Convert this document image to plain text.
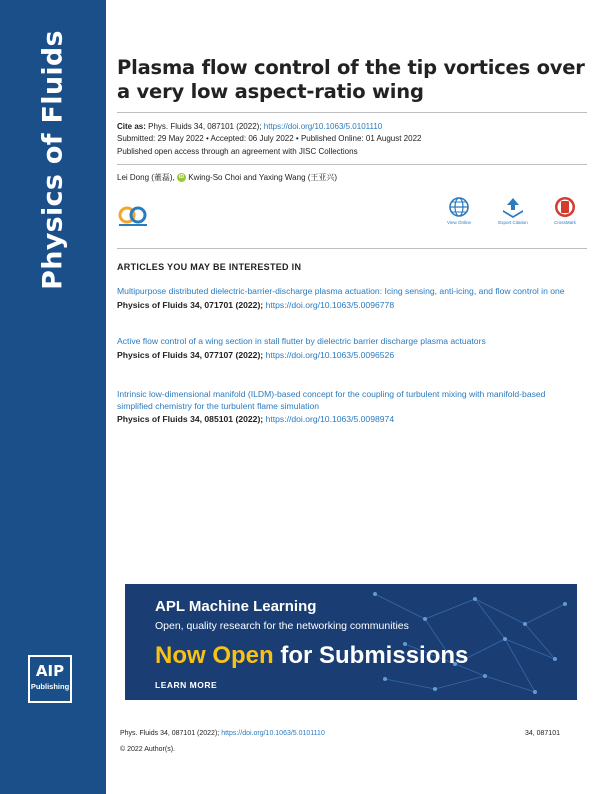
Physics of Fluids
AIP
Publishing
Plasma flow control of the tip vortices over a very low aspect-ratio wing
Cite as: Phys. Fluids 34, 087101 (2022); https://doi.org/10.1063/5.0101110
Submitted: 29 May 2022 • Accepted: 06 July 2022 • Published Online: 01 August 2022
Published open access through an agreement with JISC Collections
Lei Dong (董磊), iD Kwing-So Choi and Yaxing Wang (王亚兴)
View Online	Export Citation	CrossMark
ARTICLES YOU MAY BE INTERESTED IN
Multipurpose distributed dielectric-barrier-discharge plasma actuation: Icing sensing, anti-icing, and flow control in one
Physics of Fluids 34, 071701 (2022); https://doi.org/10.1063/5.0096778
Active flow control of a wing section in stall flutter by dielectric barrier discharge plasma actuators
Physics of Fluids 34, 077107 (2022); https://doi.org/10.1063/5.0096526
Intrinsic low-dimensional manifold (ILDM)-based concept for the coupling of turbulent mixing with manifold-based simplified chemistry for the turbulent flame simulation
Physics of Fluids 34, 085101 (2022); https://doi.org/10.1063/5.0098974
APL Machine Learning
Open, quality research for the networking communities
Now Open for Submissions
LEARN MORE
Phys. Fluids 34, 087101 (2022); https://doi.org/10.1063/5.0101110	34, 087101
© 2022 Author(s).
